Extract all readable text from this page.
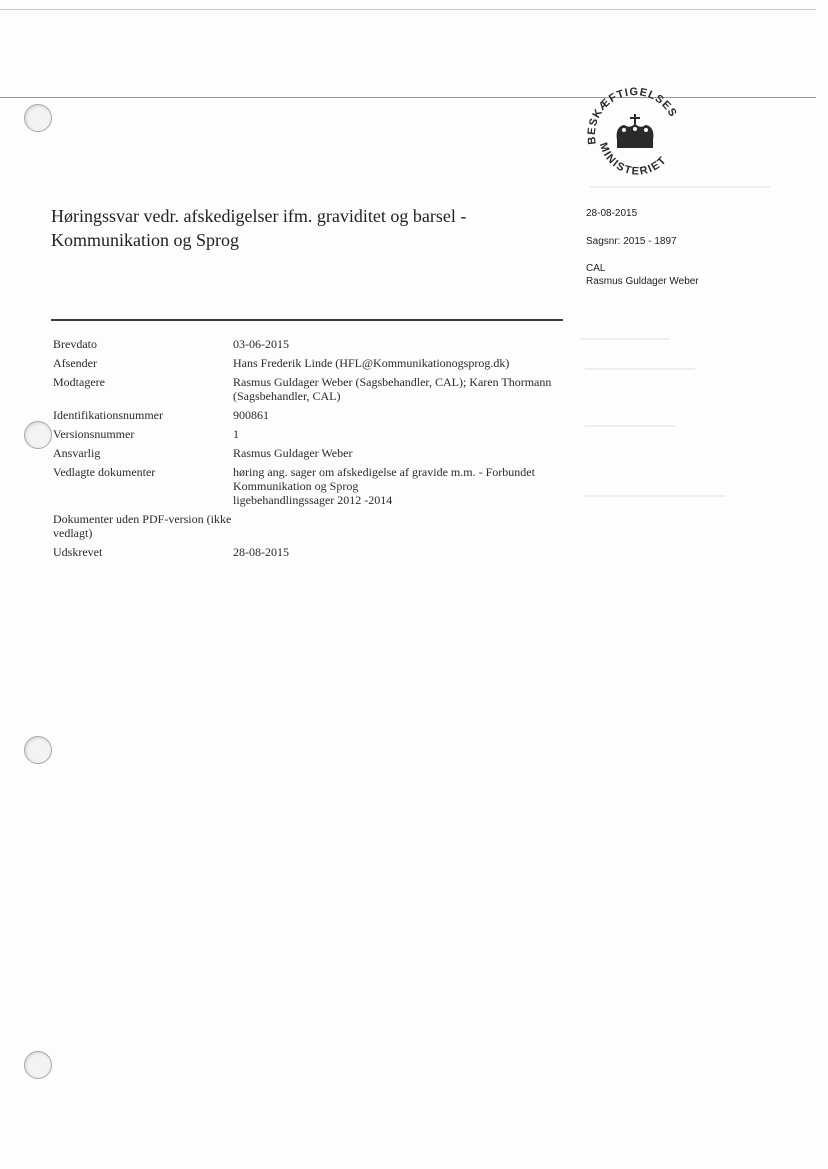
BESKÆFTIGELSES
MINISTERIET
28-08-2015
Sagsnr: 2015 - 1897
CAL
Rasmus Guldager Weber
Høringssvar vedr. afskedigelser ifm. graviditet og barsel - Kommunikation og Sprog
Brevdato	03-06-2015
Afsender	Hans Frederik Linde (HFL@Kommunikationogsprog.dk)
Modtagere	Rasmus Guldager Weber (Sagsbehandler, CAL); Karen Thormann
(Sagsbehandler, CAL)
Identifikationsnummer	900861
Versionsnummer	1
Ansvarlig	Rasmus Guldager Weber
Vedlagte dokumenter	høring ang. sager om afskedigelse af gravide m.m. - Forbundet
Kommunikation og Sprog
ligebehandlingssager 2012 -2014
Dokumenter uden PDF-version (ikke vedlagt)
Udskrevet	28-08-2015
